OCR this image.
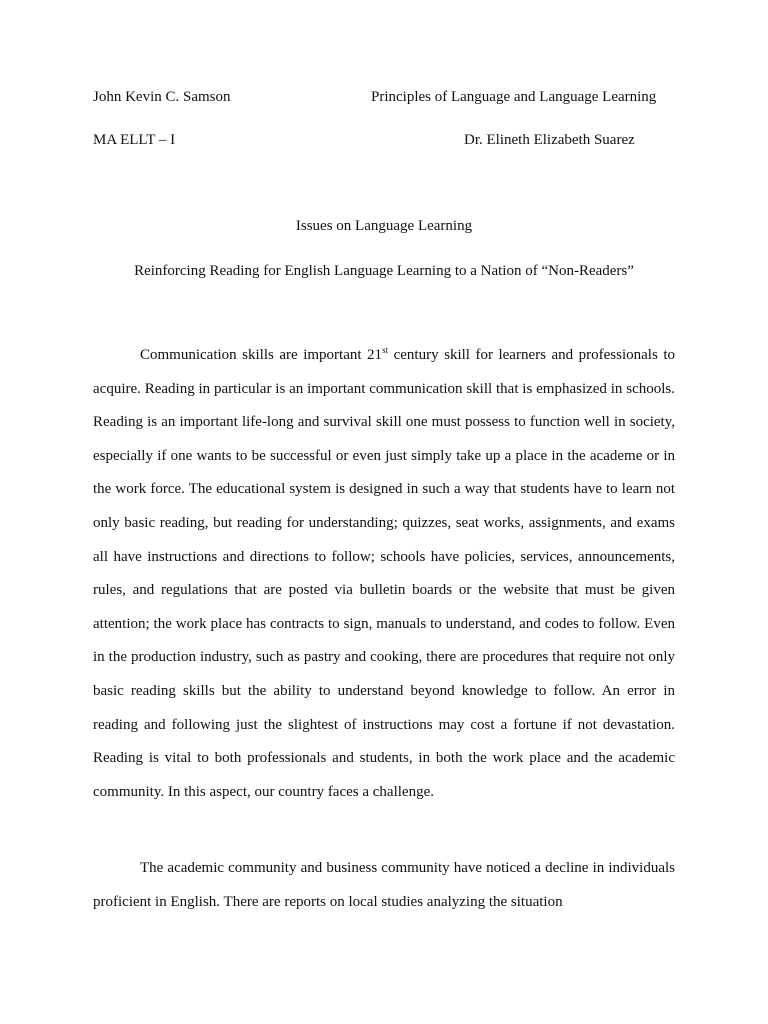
John Kevin C. Samson	Principles of Language and Language Learning
MA ELLT – I	Dr. Elineth Elizabeth Suarez
Issues on Language Learning
Reinforcing Reading for English Language Learning to a Nation of “Non-Readers”

Communication skills are important 21st century skill for learners and professionals to acquire. Reading in particular is an important communication skill that is emphasized in schools. Reading is an important life-long and survival skill one must possess to function well in society, especially if one wants to be successful or even just simply take up a place in the academe or in the work force. The educational system is designed in such a way that students have to learn not only basic reading, but reading for understanding; quizzes, seat works, assignments, and exams all have instructions and directions to follow; schools have policies, services, announcements, rules, and regulations that are posted via bulletin boards or the website that must be given attention; the work place has contracts to sign, manuals to understand, and codes to follow. Even in the production industry, such as pastry and cooking, there are procedures that require not only basic reading skills but the ability to understand beyond knowledge to follow. An error in reading and following just the slightest of instructions may cost a fortune if not devastation. Reading is vital to both professionals and students, in both the work place and the academic community. In this aspect, our country faces a challenge.

The academic community and business community have noticed a decline in individuals proficient in English. There are reports on local studies analyzing the situation
